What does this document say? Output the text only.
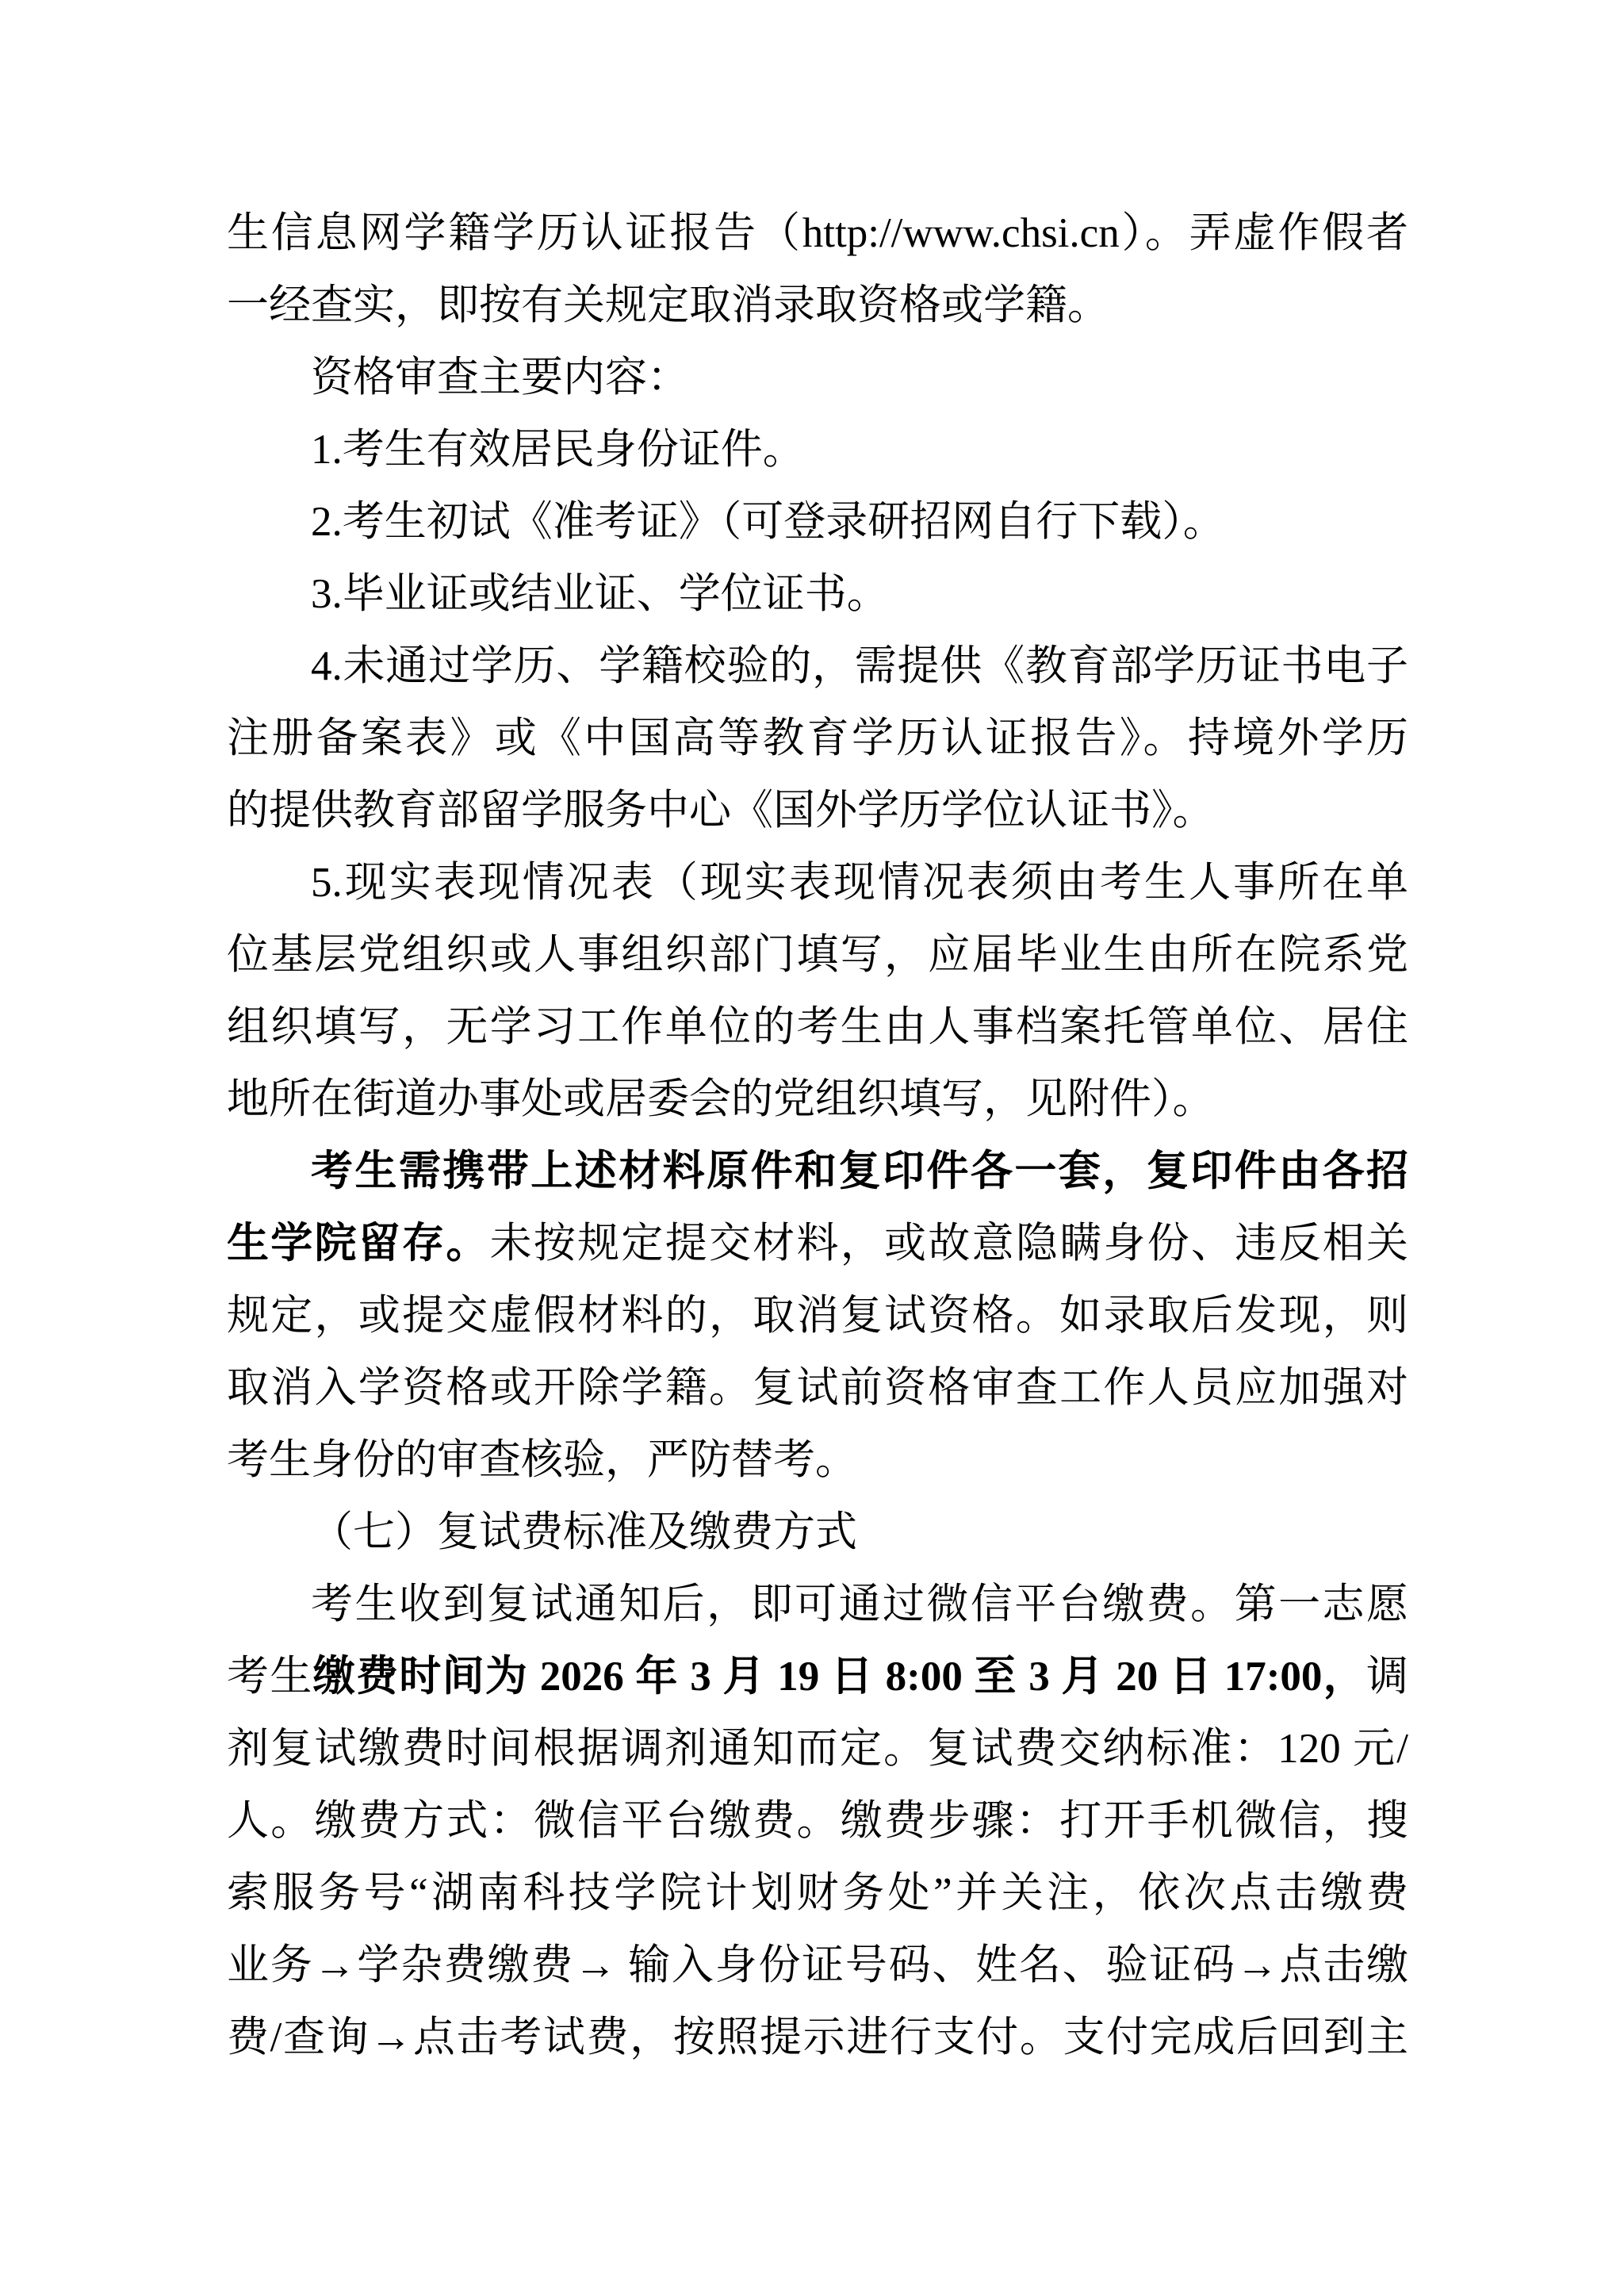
生信息网学籍学历认证报告（http://www.chsi.cn）。弄虚作假者
一经查实，即按有关规定取消录取资格或学籍。
资格审查主要内容：
1.考生有效居民身份证件。
2.考生初试《准考证》（可登录研招网自行下载）。
3.毕业证或结业证、学位证书。
4.未通过学历、学籍校验的，需提供《教育部学历证书电子
注册备案表》或《中国高等教育学历认证报告》。持境外学历
的提供教育部留学服务中心《国外学历学位认证书》。
5.现实表现情况表（现实表现情况表须由考生人事所在单
位基层党组织或人事组织部门填写，应届毕业生由所在院系党
组织填写，无学习工作单位的考生由人事档案托管单位、居住
地所在街道办事处或居委会的党组织填写，见附件）。
考生需携带上述材料原件和复印件各一套，复印件由各招
生学院留存。未按规定提交材料，或故意隐瞒身份、违反相关
规定，或提交虚假材料的，取消复试资格。如录取后发现，则
取消入学资格或开除学籍。复试前资格审查工作人员应加强对
考生身份的审查核验，严防替考。
（七）复试费标准及缴费方式
考生收到复试通知后，即可通过微信平台缴费。第一志愿
考生缴费时间为 2026 年 3 月 19 日 8:00 至 3 月 20 日 17:00，调
剂复试缴费时间根据调剂通知而定。复试费交纳标准：120 元/
人。缴费方式：微信平台缴费。缴费步骤：打开手机微信，搜
索服务号“湖南科技学院计划财务处”并关注，依次点击缴费
业务→学杂费缴费→ 输入身份证号码、姓名、验证码→点击缴
费/查询→点击考试费，按照提示进行支付。支付完成后回到主
